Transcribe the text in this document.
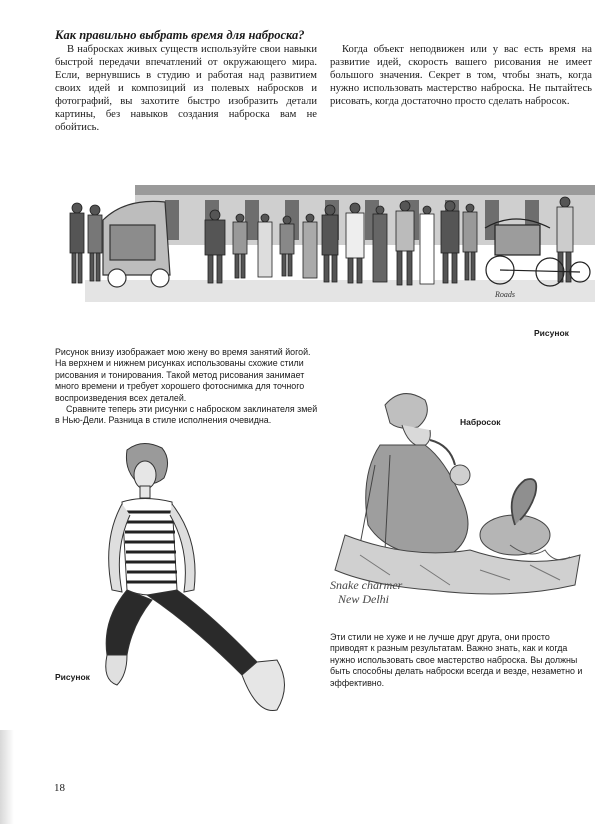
Как правильно выбрать время для наброска?
В набросках живых существ используйте свои навыки быстрой передачи впечатлений от окружающего мира. Если, вернувшись в студию и работая над развитием своих идей и композиций из полевых набросков и фотографий, вы захотите быстро изобразить детали картины, без навыков создания наброска вам не обойтись.
Когда объект неподвижен или у вас есть время на развитие идей, скорость вашего рисования не имеет большого значения. Секрет в том, чтобы знать, когда нужно использовать мастерство наброска. Не пытайтесь рисовать, когда достаточно просто сделать набросок.
Roads
Рисунок

Рисунок внизу изображает мою жену во время занятий йогой. На верхнем и нижнем рисунках использованы схожие стили рисования и тонирования. Такой метод рисования занимает много времени и требует хорошего фотоснимка для точного воспроизведения всех деталей.

Сравните теперь эти рисунки с наброском заклинателя змей в Нью-Дели. Разница в стиле исполнения очевидна.	Набросок
Snake charmer
New Delhi

Эти стили не хуже и не лучше друг друга, они просто приводят к разным результатам. Важно знать, как и когда нужно использовать свое мастерство наброска. Вы должны быть способны делать наброски всегда и везде, незаметно и эффективно.

Рисунок
18
